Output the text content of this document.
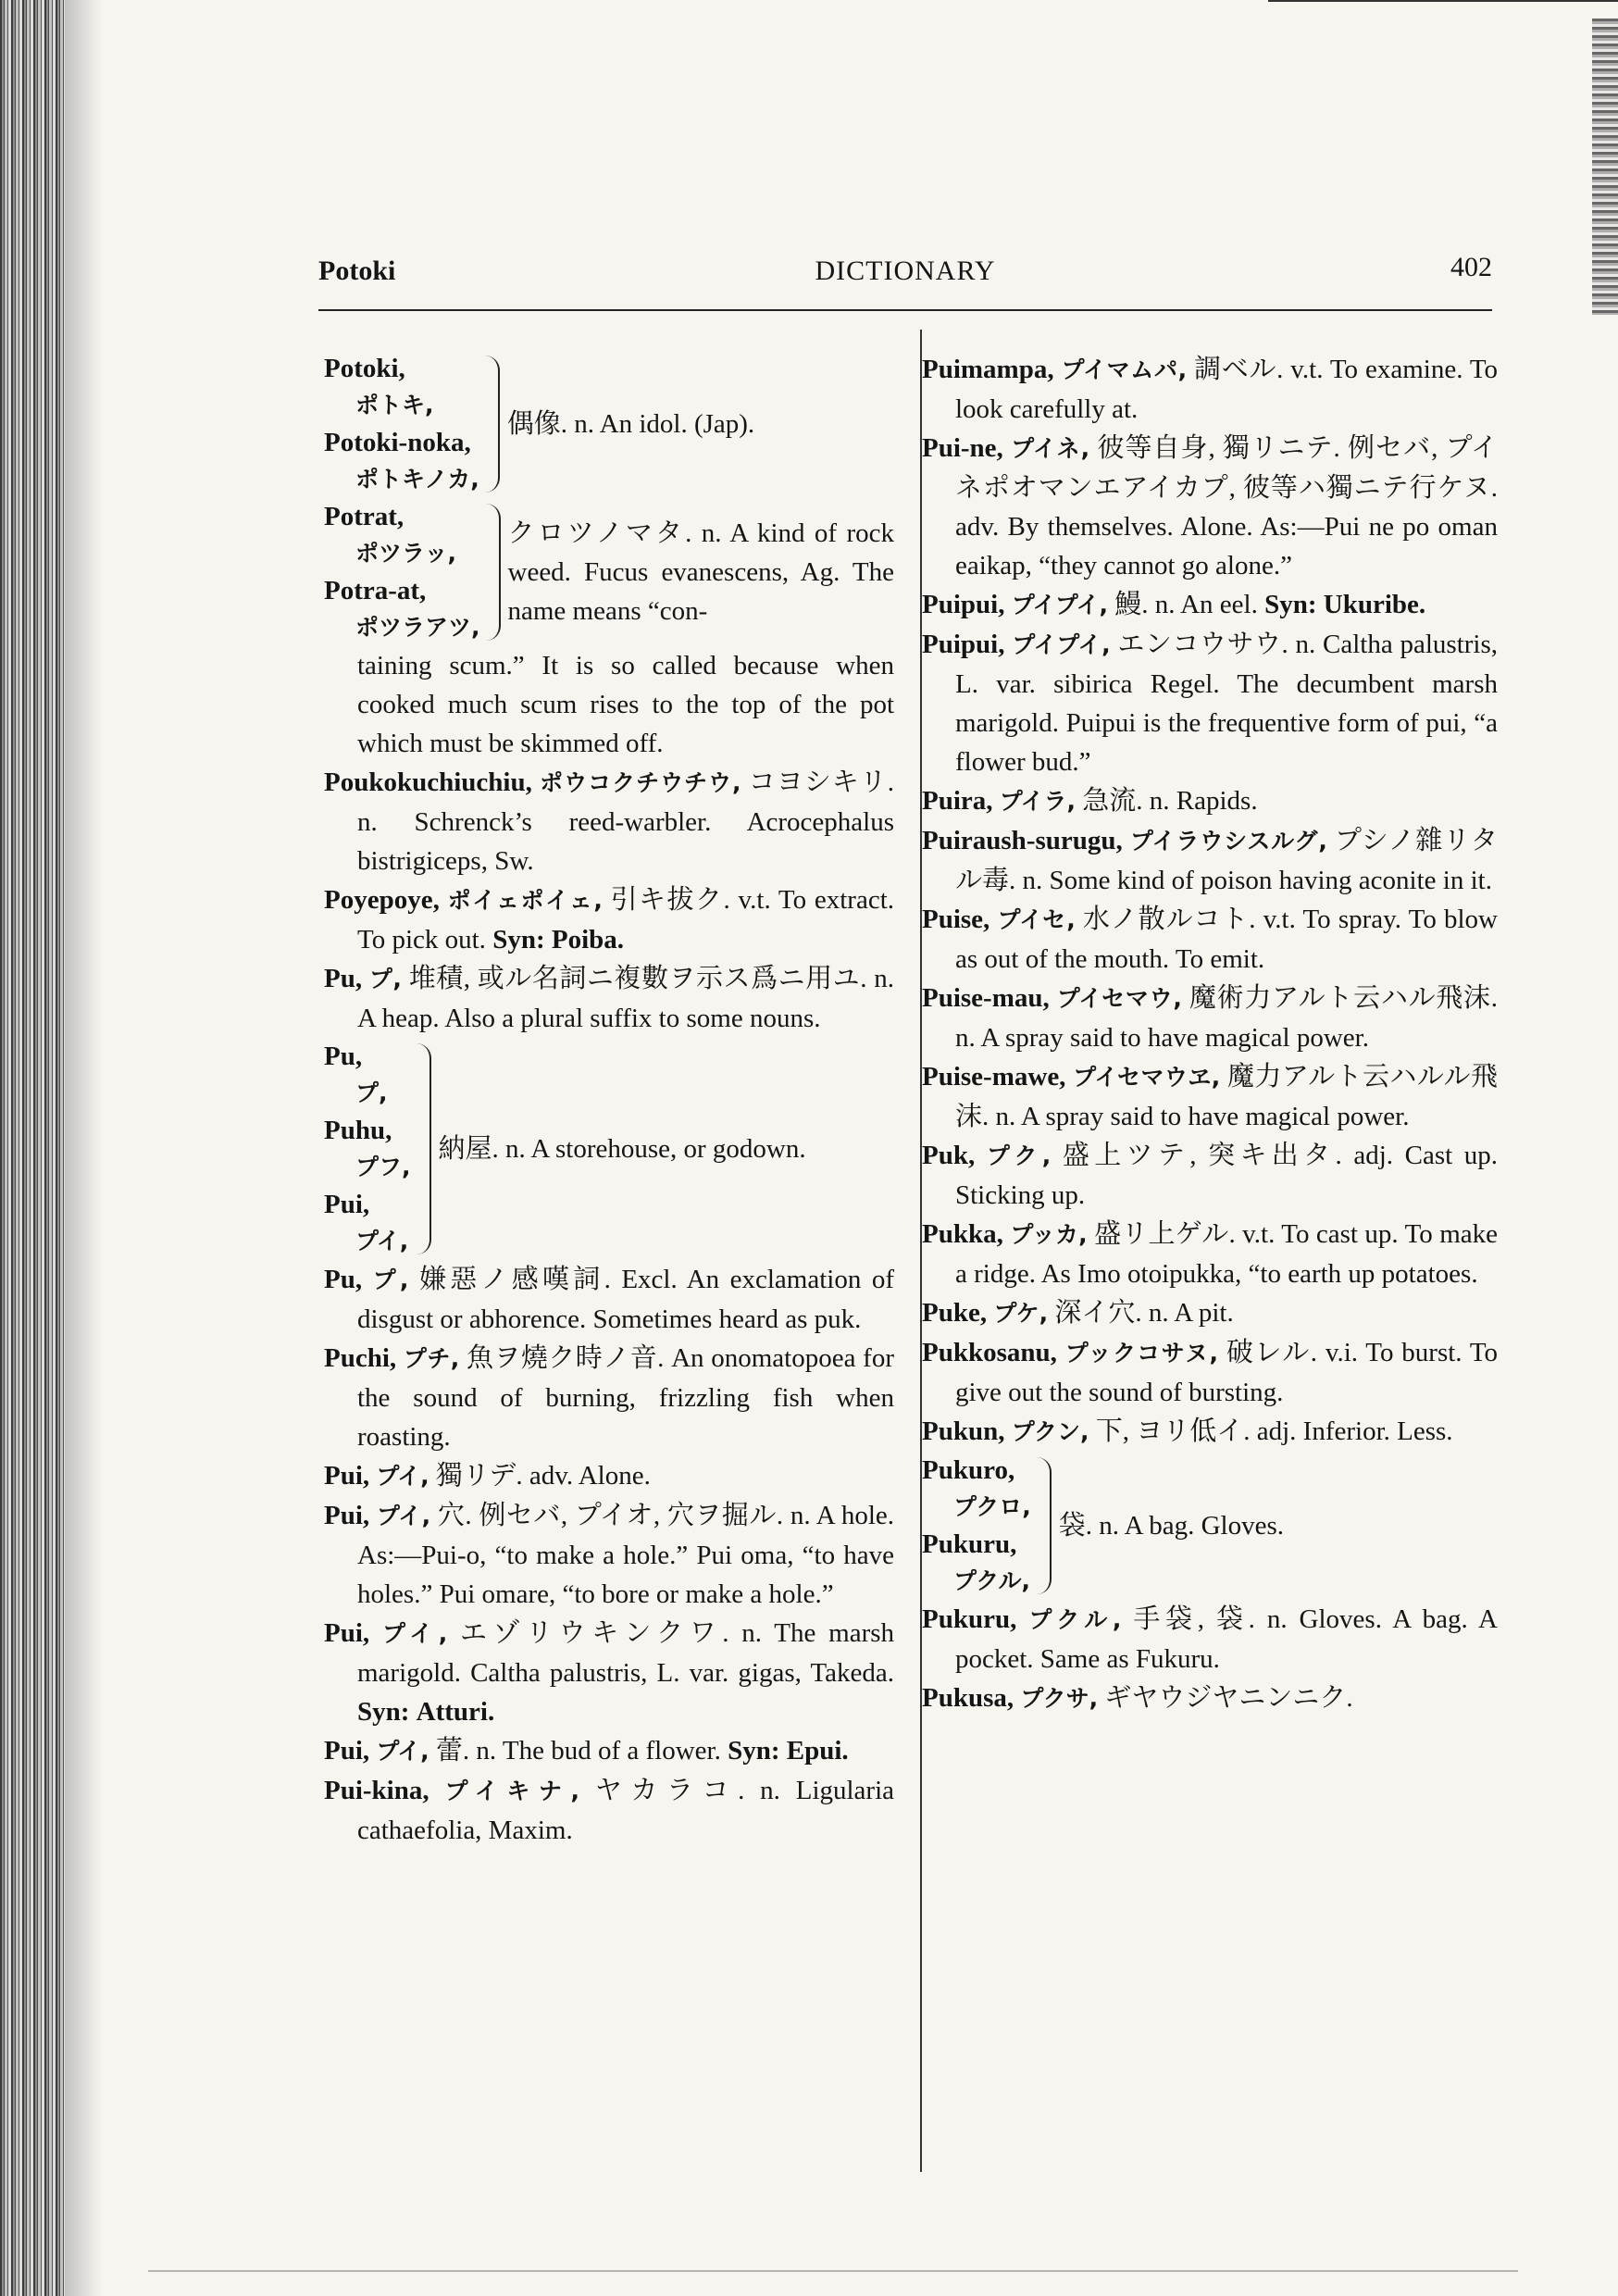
DICTIONARY
Potoki	402
Potoki,
ポトキ,
Potoki-noka,
ポトキノカ,
偶像. n. An idol. (Jap).
Potrat,
ポツラッ,
Potra-at,
ポツラアツ,
クロツノマタ. n. A kind of rock weed. Fucus evanescens, Ag. The name means “con-
taining scum.” It is so called because when cooked much scum rises to the top of the pot which must be skimmed off.
Poukokuchiuchiu, ポウコクチウチウ, コヨシキリ. n. Schrenck’s reed-warbler. Acrocephalus bistrigiceps, Sw.
Poyepoye, ポイェポイェ, 引キ拔ク. v.t. To extract. To pick out. Syn: Poiba.
Pu, プ, 堆積, 或ル名詞ニ複數ヲ示ス爲ニ用ユ. n. A heap. Also a plural suffix to some nouns.
Pu,
プ,
Puhu,
プフ,
Pui,
プイ,
納屋. n. A storehouse, or godown.
Pu, プ, 嫌惡ノ感嘆詞. Excl. An exclamation of disgust or abhorence. Sometimes heard as puk.
Puchi, プチ, 魚ヲ燒ク時ノ音. An onomatopoea for the sound of burning, frizzling fish when roasting.
Pui, プイ, 獨リデ. adv. Alone.
Pui, プイ, 穴. 例セバ, プイオ, 穴ヲ掘ル. n. A hole. As:—Pui-o, “to make a hole.” Pui oma, “to have holes.” Pui omare, “to bore or make a hole.”
Pui, プイ, エゾリウキンクワ. n. The marsh marigold. Caltha palustris, L. var. gigas, Takeda. Syn: Atturi.
Pui, プイ, 蕾. n. The bud of a flower. Syn: Epui.
Pui-kina, プイキナ, ヤカラコ. n. Ligularia cathaefolia, Maxim.
Puimampa, プイマムパ, 調ベル. v.t. To examine. To look carefully at.
Pui-ne, プイネ, 彼等自身, 獨リニテ. 例セバ, プイネポオマンエアイカプ, 彼等ハ獨ニテ行ケヌ. adv. By themselves. Alone. As:—Pui ne po oman eaikap, “they cannot go alone.”
Puipui, プイプイ, 鰻. n. An eel. Syn: Ukuribe.
Puipui, プイプイ, エンコウサウ. n. Caltha palustris, L. var. sibirica Regel. The decumbent marsh marigold. Puipui is the frequentive form of pui, “a flower bud.”
Puira, プイラ, 急流. n. Rapids.
Puiraush-surugu, プイラウシスルグ, プシノ雜リタル毒. n. Some kind of poison having aconite in it.
Puise, プイセ, 水ノ散ルコト. v.t. To spray. To blow as out of the mouth. To emit.
Puise-mau, プイセマウ, 魔術力アルト云ハル飛沫. n. A spray said to have magical power.
Puise-mawe, プイセマウヱ, 魔力アルト云ハルル飛沫. n. A spray said to have magical power.
Puk, プク, 盛上ツテ, 突キ出タ. adj. Cast up. Sticking up.
Pukka, プッカ, 盛リ上ゲル. v.t. To cast up. To make a ridge. As Imo otoipukka, “to earth up potatoes.
Puke, プケ, 深イ穴. n. A pit.
Pukkosanu, プックコサヌ, 破レル. v.i. To burst. To give out the sound of bursting.
Pukun, プクン, 下, ヨリ低イ. adj. Inferior. Less.
Pukuro,
プクロ,
Pukuru,
プクル,
袋. n. A bag. Gloves.
Pukuru, プクル, 手袋, 袋. n. Gloves. A bag. A pocket. Same as Fukuru.
Pukusa, プクサ, ギヤウジヤニンニク.
